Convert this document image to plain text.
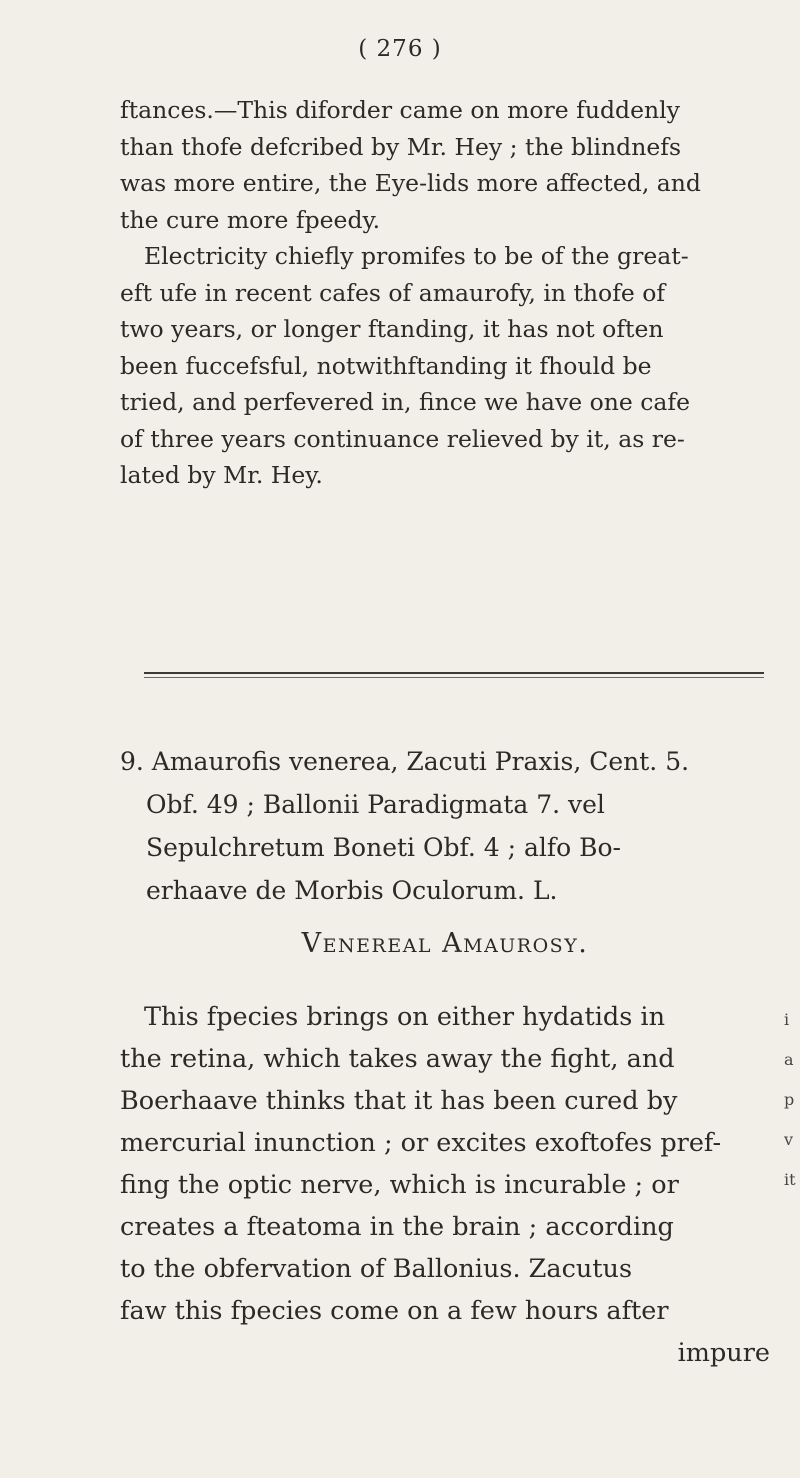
( 276 )
ftances.—This diforder came on more fuddenly
than thofe defcribed by Mr. Hey ; the blindnefs
was more entire, the Eye-lids more affected, and
the cure more fpeedy.
Electricity chiefly promifes to be of the great-
eft ufe in recent cafes of amaurofy, in thofe of
two years, or longer ftanding, it has not often
been fuccefsful, notwithftanding it fhould be
tried, and perfevered in, fince we have one cafe
of three years continuance relieved by it, as re-
lated by Mr. Hey.
9. Amaurofis venerea, Zacuti Praxis, Cent. 5.
Obf. 49 ; Ballonii Paradigmata 7. vel
Sepulchretum Boneti Obf. 4 ; alfo Bo-
erhaave de Morbis Oculorum. L.
Venereal Amaurosy.
This fpecies brings on either hydatids in
the retina, which takes away the fight, and
Boerhaave thinks that it has been cured by
mercurial inunction ; or excites exoftofes pref-
fing the optic nerve, which is incurable ; or
creates a fteatoma in the brain ; according
to the obfervation of Ballonius. Zacutus
faw this fpecies come on a few hours after
impure
i
a
p
v
it
